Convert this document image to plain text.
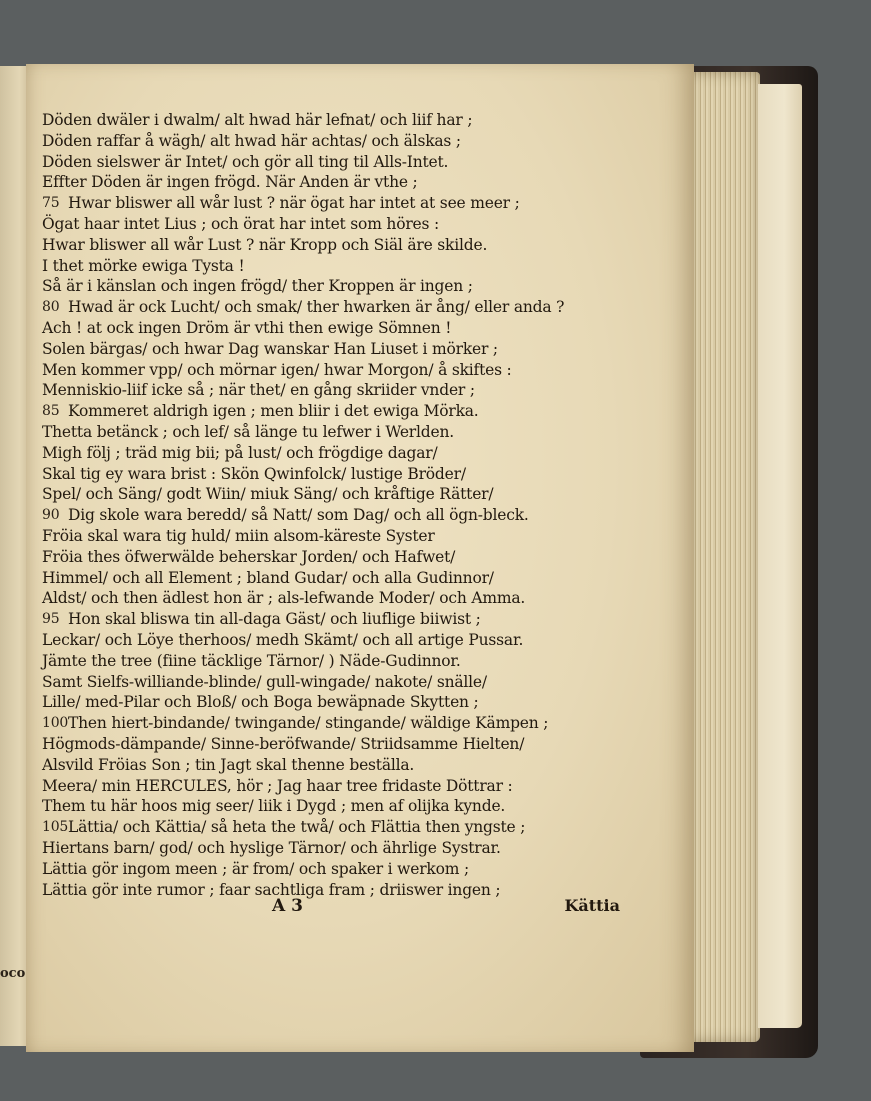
oco
Döden dwäler i dwalm/ alt hwad här lefnat/ och liif har ;
Döden raffar å wägh/ alt hwad här achtas/ och älskas ;
Döden sielswer är Intet/ och gör all ting til Alls-Intet.
Effter Döden är ingen frögd. När Anden är vthe ;
75 Hwar bliswer all wår lust ? när ögat har intet at see meer ;
Ögat haar intet Lius ; och örat har intet som höres :
Hwar bliswer all wår Lust ? när Kropp och Siäl äre skilde.
I thet mörke ewiga Tysta !
Så är i känslan och ingen frögd/ ther Kroppen är ingen ;
80 Hwad är ock Lucht/ och smak/ ther hwarken är ång/ eller anda ?
Ach ! at ock ingen Dröm är vthi then ewige Sömnen !
Solen bärgas/ och hwar Dag wanskar Han Liuset i mörker ;
Men kommer vpp/ och mörnar igen/ hwar Morgon/ å skiftes :
Menniskio-liif icke så ; när thet/ en gång skriider vnder ;
85 Kommeret aldrigh igen ; men bliir i det ewiga Mörka.
Thetta betänck ; och lef/ så länge tu lefwer i Werlden.
Migh följ ; träd mig bii; på lust/ och frögdige dagar/
Skal tig ey wara brist : Skön Qwinfolck/ lustige Bröder/
Spel/ och Säng/ godt Wiin/ miuk Säng/ och kråftige Rätter/
90 Dig skole wara beredd/ så Natt/ som Dag/ och all ögn-bleck.
Fröia skal wara tig huld/ miin alsom-käreste Syster
Fröia thes öfwerwälde beherskar Jorden/ och Hafwet/
Himmel/ och all Element ; bland Gudar/ och alla Gudinnor/
Aldst/ och then ädlest hon är ; als-lefwande Moder/ och Amma.
95 Hon skal bliswa tin all-daga Gäst/ och liuflige biiwist ;
Leckar/ och Löye therhoos/ medh Skämt/ och all artige Pussar.
Jämte the tree (fiine täcklige Tärnor/ ) Näde-Gudinnor.
Samt Sielfs-williande-blinde/ gull-wingade/ nakote/ snälle/
Lille/ med-Pilar och Bloß/ och Boga bewäpnade Skytten ;
100 Then hiert-bindande/ twingande/ stingande/ wäldige Kämpen ;
Högmods-dämpande/ Sinne-beröfwande/ Striidsamme Hielten/
Alsvild Fröias Son ; tin Jagt skal thenne beställa.
Meera/ min HERCULES, hör ; Jag haar tree fridaste Döttrar :
Them tu här hoos mig seer/ liik i Dygd ; men af olijka kynde.
105 Lättia/ och Kättia/ så heta the twå/ och Flättia then yngste ;
Hiertans barn/ god/ och hyslige Tärnor/ och ährlige Systrar.
Lättia gör ingom meen ; är from/ och spaker i werkom ;
Lättia gör inte rumor ; faar sachtliga fram ; driiswer ingen ;
A 3	Kättia
